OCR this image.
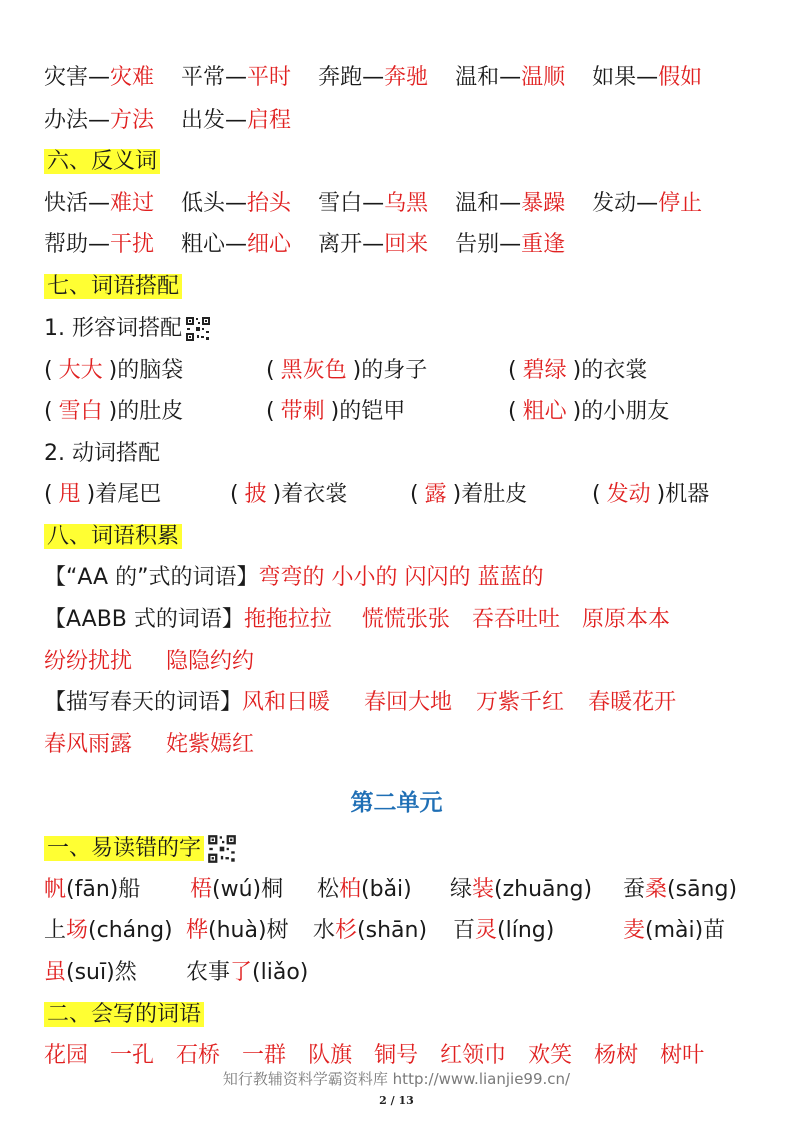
灾害—灾难 平常—平时 奔跑—奔驰 温和—温顺 如果—假如
办法—方法 出发—启程
六、反义词
快活—难过 低头—抬头 雪白—乌黑 温和—暴躁 发动—停止
帮助—干扰 粗心—细心 离开—回来 告别—重逢
七、词语搭配
1. 形容词搭配
( 大大 )的脑袋	( 黑灰色 )的身子	( 碧绿 )的衣裳
( 雪白 )的肚皮	( 带刺 )的铠甲	( 粗心 )的小朋友
2. 动词搭配
( 甩 )着尾巴	( 披 )着衣裳	( 露 )着肚皮	( 发动 )机器
八、词语积累
【“AA 的”式的词语】弯弯的 小小的 闪闪的 蓝蓝的
【AABB 式的词语】拖拖拉拉 慌慌张张 吞吞吐吐 原原本本
纷纷扰扰 隐隐约约
【描写春天的词语】风和日暖 春回大地 万紫千红 春暖花开
春风雨露 姹紫嫣红
第二单元
一、易读错的字
帆(fān)船 梧(wú)桐 松柏(bǎi) 绿装(zhuāng) 蚕桑(sāng)
上场(cháng) 桦(huà)树 水杉(shān) 百灵(líng)	麦(mài)苗
虽(suī)然 农事了(liǎo)
二、会写的词语
花园 一孔 石桥 一群 队旗 铜号 红领巾 欢笑 杨树 树叶
知行教辅资料学霸资料库 http://www.lianjie99.cn/
2 / 13
